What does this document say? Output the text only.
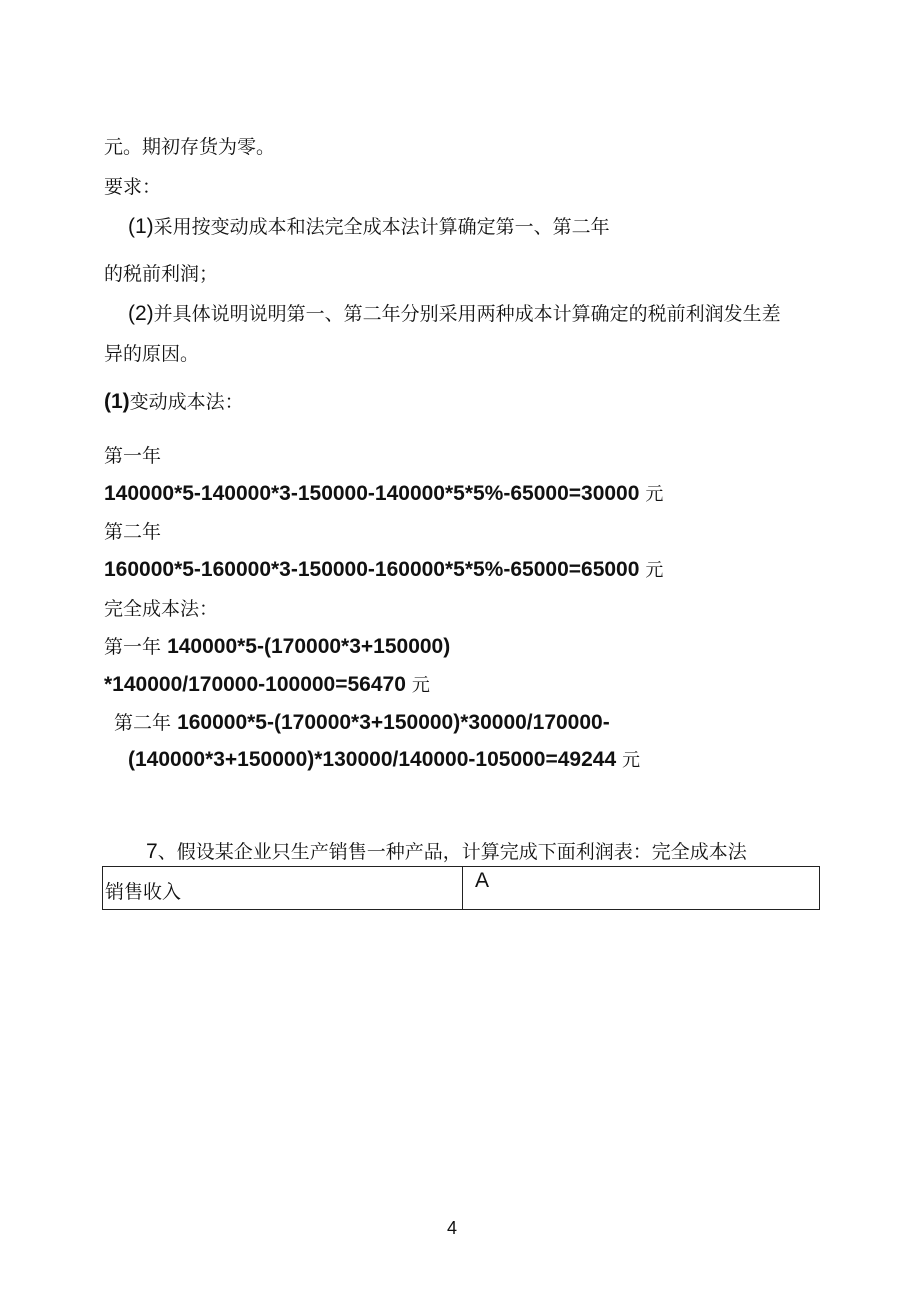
元。期初存货为零。
要求：
(1)采用按变动成本和法完全成本法计算确定第一、第二年
的税前利润；
(2)并具体说明说明第一、第二年分别采用两种成本计算确定的税前利润发生差
异的原因。
(1)变动成本法：
第一年
140000*5-140000*3-150000-140000*5*5%-65000=30000 元
第二年
160000*5-160000*3-150000-160000*5*5%-65000=65000 元
完全成本法：
第一年 140000*5-(170000*3+150000)
*140000/170000-100000=56470 元
第二年 160000*5-(170000*3+150000)*30000/170000-
(140000*3+150000)*130000/140000-105000=49244 元
7、假设某企业只生产销售一种产品，计算完成下面利润表：完全成本法
销售收入	A
4
